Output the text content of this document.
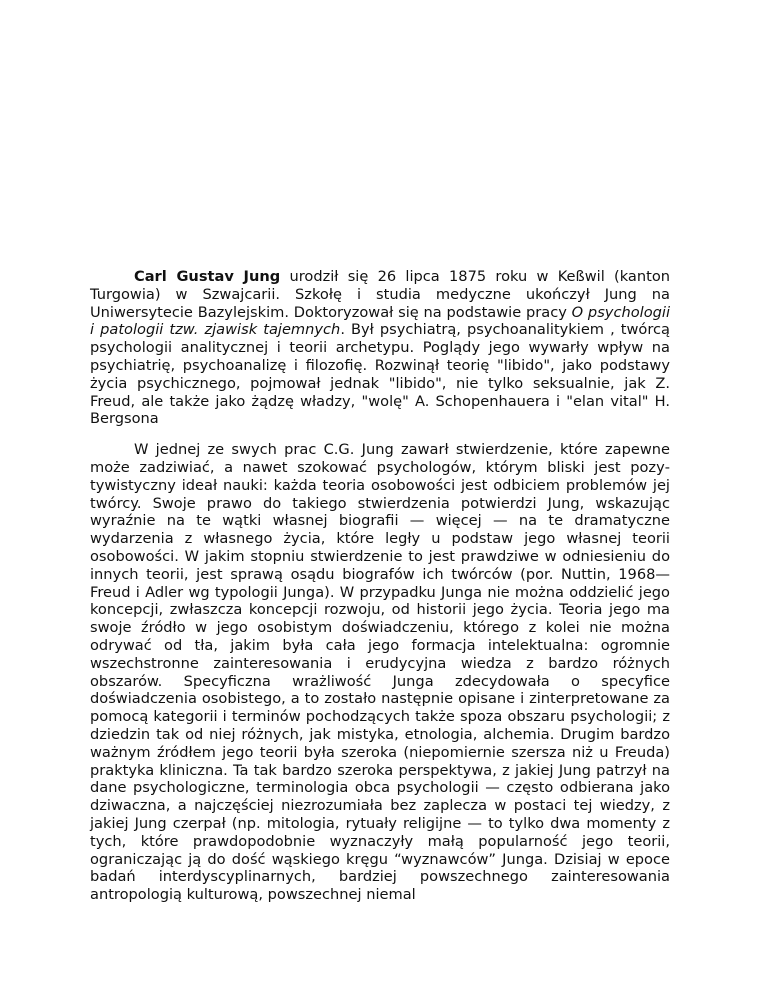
Carl Gustav Jung urodził się 26 lipca 1875 roku w Keßwil (kanton Turgowia) w Szwajcarii. Szkołę i studia medyczne ukończył Jung na Uniwersytecie Bazylejskim. Doktoryzował się na podstawie pracy O psychologii i patologii tzw. zjawisk tajemnych. Był psychiatrą, psychoanalitykiem , twórcą psychologii analitycznej i teorii archetypu. Poglądy jego wywarły wpływ na psychiatrię, psychoanalizę i filozofię. Rozwinął teorię "libido", jako podstawy życia psychicznego, pojmował jednak "libido", nie tylko seksualnie, jak Z. Freud, ale także jako żądzę władzy, "wolę" A. Schopenhauera i "elan vital" H. Bergsona

W jednej ze swych prac C.G. Jung zawarł stwierdzenie, które zapewne może zadziwiać, a nawet szokować psychologów, którym bliski jest pozytywistyczny ideał nauki: każda teoria osobowości jest odbiciem problemów jej twórcy. Swoje prawo do takiego stwierdzenia potwierdzi Jung, wskazując wyraźnie na te wątki własnej biografii — więcej — na te dramatyczne wydarzenia z własnego życia, które legły u podstaw jego własnej teorii osobowości. W jakim stopniu stwierdzenie to jest prawdziwe w odniesieniu do innych teorii, jest sprawą osądu biografów ich twórców (por. Nuttin, 1968— Freud i Adler wg typologii Junga). W przypadku Junga nie można oddzielić jego koncepcji, zwłaszcza koncepcji rozwoju, od historii jego życia. Teoria jego ma swoje źródło w jego osobistym doświadczeniu, którego z kolei nie można odrywać od tła, jakim była cała jego formacja intelektualna: ogromnie wszechstronne zainteresowania i erudycyjna wiedza z bardzo różnych obszarów. Specyficzna wrażliwość Junga zdecydowała o specyfice doświadczenia osobistego, a to zostało następnie opisane i zinterpretowane za pomocą kategorii i terminów pochodzących także spoza obszaru psychologii; z dziedzin tak od niej różnych, jak mistyka, etnologia, alchemia. Drugim bardzo ważnym źródłem jego teorii była szeroka (niepomiernie szersza niż u Freuda) praktyka kliniczna. Ta tak bardzo szeroka perspektywa, z jakiej Jung patrzył na dane psychologiczne, terminologia obca psychologii — często odbierana jako dziwaczna, a najczęściej niezrozumiała bez zaplecza w postaci tej wiedzy, z jakiej Jung czerpał (np. mitologia, rytuały religijne — to tylko dwa momenty z tych, które prawdopodobnie wyznaczyły małą popularność jego teorii, ograniczając ją do dość wąskiego kręgu “wyznawców” Junga. Dzisiaj w epoce badań interdyscyplinarnych, bardziej powszechnego zainteresowania antropologią kulturową, powszechnej niemal
